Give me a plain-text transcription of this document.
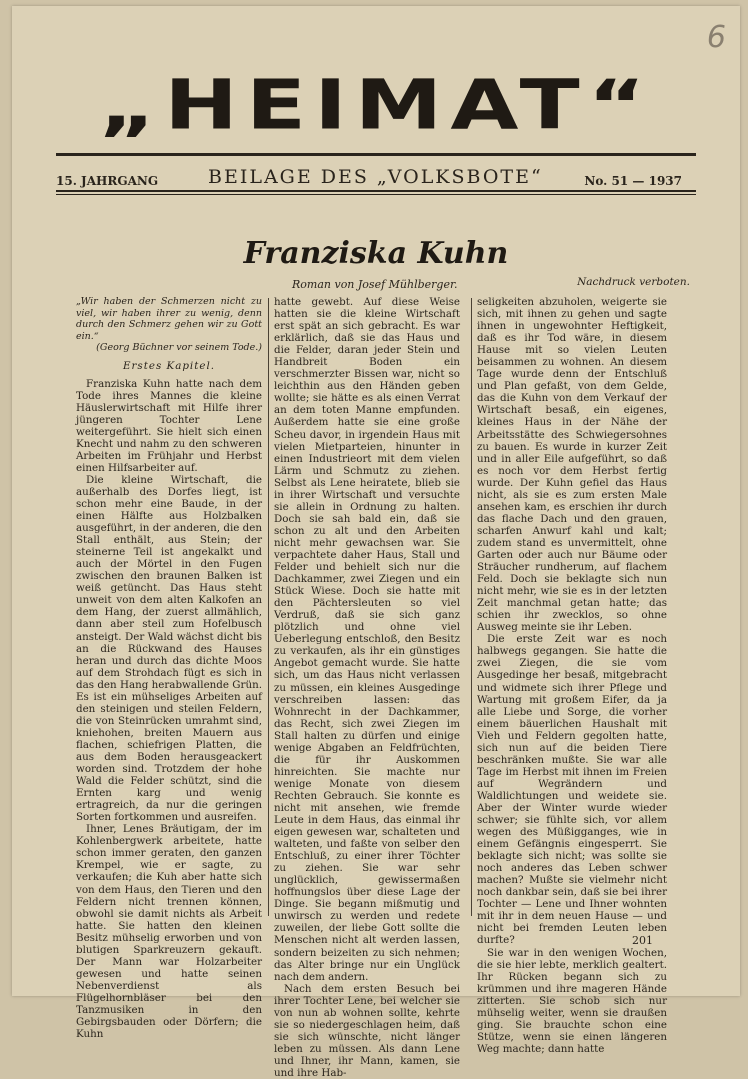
6
„HEIMAT“
15. JAHRGANG	BEILAGE DES „VOLKSBOTE“	No. 51 — 1937
Franziska Kuhn
Roman von Josef Mühlberger.	Nachdruck verboten.
„Wir haben der Schmerzen nicht zu viel, wir haben ihrer zu wenig, denn durch den Schmerz gehen wir zu Gott ein.“
(Georg Büchner vor seinem Tode.)
Erstes Kapitel.

Franziska Kuhn hatte nach dem Tode ihres Mannes die kleine Häuslerwirtschaft mit Hilfe ihrer jüngeren Tochter Lene weitergeführt. Sie hielt sich einen Knecht und nahm zu den schweren Arbeiten im Frühjahr und Herbst einen Hilfsarbeiter auf.

Die kleine Wirtschaft, die außerhalb des Dorfes liegt, ist schon mehr eine Baude, in der einen Hälfte aus Holzbalken ausgeführt, in der anderen, die den Stall enthält, aus Stein; der steinerne Teil ist angekalkt und auch der Mörtel in den Fugen zwischen den braunen Balken ist weiß getüncht. Das Haus steht unweit von dem alten Kalkofen an dem Hang, der zuerst allmählich, dann aber steil zum Hofelbusch ansteigt. Der Wald wächst dicht bis an die Rückwand des Hauses heran und durch das dichte Moos auf dem Strohdach fügt es sich in das den Hang herabwallende Grün. Es ist ein mühseliges Arbeiten auf den steinigen und steilen Feldern, die von Steinrücken umrahmt sind, kniehohen, breiten Mauern aus flachen, schiefrigen Platten, die aus dem Boden herausgeackert worden sind. Trotzdem der hohe Wald die Felder schützt, sind die Ernten karg und wenig ertragreich, da nur die geringen Sorten fortkommen und ausreifen.

Ihner, Lenes Bräutigam, der im Kohlenbergwerk arbeitete, hatte schon immer geraten, den ganzen Krempel, wie er sagte, zu verkaufen; die Kuh aber hatte sich von dem Haus, den Tieren und den Feldern nicht trennen können, obwohl sie damit nichts als Arbeit hatte. Sie hatten den kleinen Besitz mühselig erworben und von blutigen Sparkreuzern gekauft. Der Mann war Holzarbeiter gewesen und hatte seinen Nebenverdienst als Flügelhornbläser bei den Tanzmusiken in den Gebirgsbauden oder Dörfern; die Kuhn

hatte gewebt. Auf diese Weise hatten sie die kleine Wirtschaft erst spät an sich gebracht. Es war erklärlich, daß sie das Haus und die Felder, daran jeder Stein und Handbreit Boden ein verschmerzter Bissen war, nicht so leichthin aus den Händen geben wollte; sie hätte es als einen Verrat an dem toten Manne empfunden. Außerdem hatte sie eine große Scheu davor, in irgendein Haus mit vielen Mietparteien, hinunter in einen Industrieort mit dem vielen Lärm und Schmutz zu ziehen. Selbst als Lene heiratete, blieb sie in ihrer Wirtschaft und versuchte sie allein in Ordnung zu halten. Doch sie sah bald ein, daß sie schon zu alt und den Arbeiten nicht mehr gewachsen war. Sie verpachtete daher Haus, Stall und Felder und behielt sich nur die Dachkammer, zwei Ziegen und ein Stück Wiese. Doch sie hatte mit den Pächtersleuten so viel Verdruß, daß sie sich ganz plötzlich und ohne viel Ueberlegung entschloß, den Besitz zu verkaufen, als ihr ein günstiges Angebot gemacht wurde. Sie hatte sich, um das Haus nicht verlassen zu müssen, ein kleines Ausgedinge verschreiben lassen: das Wohnrecht in der Dachkammer, das Recht, sich zwei Ziegen im Stall halten zu dürfen und einige wenige Abgaben an Feldfrüchten, die für ihr Auskommen hinreichten. Sie machte nur wenige Monate von diesem Rechten Gebrauch. Sie konnte es nicht mit ansehen, wie fremde Leute in dem Haus, das einmal ihr eigen gewesen war, schalteten und walteten, und faßte von selber den Entschluß, zu einer ihrer Töchter zu ziehen. Sie war sehr unglücklich, gewissermaßen hoffnungslos über diese Lage der Dinge. Sie begann mißmutig und unwirsch zu werden und redete zuweilen, der liebe Gott sollte die Menschen nicht alt werden lassen, sondern beizeiten zu sich nehmen; das Alter bringe nur ein Unglück nach dem andern.

Nach dem ersten Besuch bei ihrer Tochter Lene, bei welcher sie von nun ab wohnen sollte, kehrte sie so niedergeschlagen heim, daß sie sich wünschte, nicht länger leben zu müssen. Als dann Lene und Ihner, ihr Mann, kamen, sie und ihre Hab-

seligkeiten abzuholen, weigerte sie sich, mit ihnen zu gehen und sagte ihnen in ungewohnter Heftigkeit, daß es ihr Tod wäre, in diesem Hause mit so vielen Leuten beisammen zu wohnen. An diesem Tage wurde denn der Entschluß und Plan gefaßt, von dem Gelde, das die Kuhn von dem Verkauf der Wirtschaft besaß, ein eigenes, kleines Haus in der Nähe der Arbeitsstätte des Schwiegersohnes zu bauen. Es wurde in kurzer Zeit und in aller Eile aufgeführt, so daß es noch vor dem Herbst fertig wurde. Der Kuhn gefiel das Haus nicht, als sie es zum ersten Male ansehen kam, es erschien ihr durch das flache Dach und den grauen, scharfen Anwurf kahl und kalt; zudem stand es unvermittelt, ohne Garten oder auch nur Bäume oder Sträucher rundherum, auf flachem Feld. Doch sie beklagte sich nun nicht mehr, wie sie es in der letzten Zeit manchmal getan hatte; das schien ihr zwecklos, so ohne Ausweg meinte sie ihr Leben.

Die erste Zeit war es noch halbwegs gegangen. Sie hatte die zwei Ziegen, die sie vom Ausgedinge her besaß, mitgebracht und widmete sich ihrer Pflege und Wartung mit großem Eifer, da ja alle Liebe und Sorge, die vorher einem bäuerlichen Haushalt mit Vieh und Feldern gegolten hatte, sich nun auf die beiden Tiere beschränken mußte. Sie war alle Tage im Herbst mit ihnen im Freien auf Wegrändern und Waldlichtungen und weidete sie. Aber der Winter wurde wieder schwer; sie fühlte sich, vor allem wegen des Müßigganges, wie in einem Gefängnis eingesperrt. Sie beklagte sich nicht; was sollte sie noch anderes das Leben schwer machen? Mußte sie vielmehr nicht noch dankbar sein, daß sie bei ihrer Tochter — Lene und Ihner wohnten mit ihr in dem neuen Hause — und nicht bei fremden Leuten leben durfte?

Sie war in den wenigen Wochen, die sie hier lebte, merklich gealtert. Ihr Rücken begann sich zu krümmen und ihre mageren Hände zitterten. Sie schob sich nur mühselig weiter, wenn sie draußen ging. Sie brauchte schon eine Stütze, wenn sie einen längeren Weg machte; dann hatte

201
